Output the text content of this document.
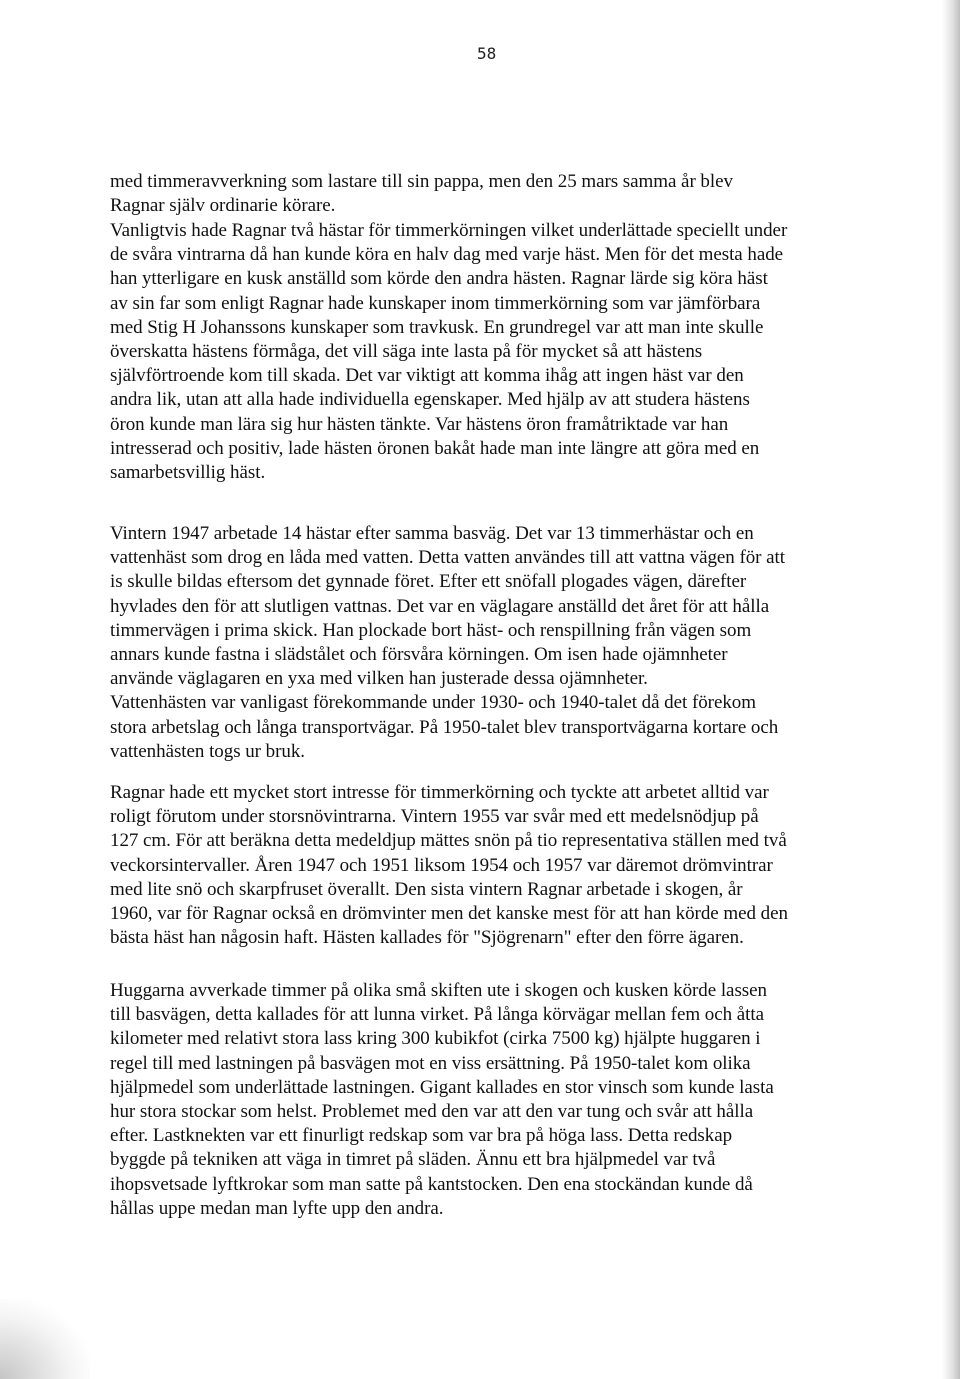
58

med timmeravverkning som lastare till sin pappa, men den 25 mars samma år blev
Ragnar själv ordinarie körare.

Vanligtvis hade Ragnar två hästar för timmerkörningen vilket underlättade speciellt under
de svåra vintrarna då han kunde köra en halv dag med varje häst. Men för det mesta hade
han ytterligare en kusk anställd som körde den andra hästen. Ragnar lärde sig köra häst
av sin far som enligt Ragnar hade kunskaper inom timmerkörning som var jämförbara
med Stig H Johanssons kunskaper som travkusk. En grundregel var att man inte skulle
överskatta hästens förmåga, det vill säga inte lasta på för mycket så att hästens
självförtroende kom till skada. Det var viktigt att komma ihåg att ingen häst var den
andra lik, utan att alla hade individuella egenskaper. Med hjälp av att studera hästens
öron kunde man lära sig hur hästen tänkte. Var hästens öron framåtriktade var han
intresserad och positiv, lade hästen öronen bakåt hade man inte längre att göra med en
samarbetsvillig häst.

Vintern 1947 arbetade 14 hästar efter samma basväg. Det var 13 timmerhästar och en
vattenhäst som drog en låda med vatten. Detta vatten användes till att vattna vägen för att
is skulle bildas eftersom det gynnade föret. Efter ett snöfall plogades vägen, därefter
hyvlades den för att slutligen vattnas. Det var en väglagare anställd det året för att hålla
timmervägen i prima skick. Han plockade bort häst- och renspillning från vägen som
annars kunde fastna i slädstålet och försvåra körningen. Om isen hade ojämnheter
använde väglagaren en yxa med vilken han justerade dessa ojämnheter.
Vattenhästen var vanligast förekommande under 1930- och 1940-talet då det förekom
stora arbetslag och långa transportvägar. På 1950-talet blev transportvägarna kortare och
vattenhästen togs ur bruk.

Ragnar hade ett mycket stort intresse för timmerkörning och tyckte att arbetet alltid var
roligt förutom under storsnövintrarna. Vintern 1955 var svår med ett medelsnödjup på
127 cm. För att beräkna detta medeldjup mättes snön på tio representativa ställen med två
veckorsintervaller. Åren 1947 och 1951 liksom 1954 och 1957 var däremot drömvintrar
med lite snö och skarpfruset överallt. Den sista vintern Ragnar arbetade i skogen, år
1960, var för Ragnar också en drömvinter men det kanske mest för att han körde med den
bästa häst han någosin haft. Hästen kallades för "Sjögrenarn" efter den förre ägaren.

Huggarna avverkade timmer på olika små skiften ute i skogen och kusken körde lassen
till basvägen, detta kallades för att lunna virket. På långa körvägar mellan fem och åtta
kilometer med relativt stora lass kring 300 kubikfot (cirka 7500 kg) hjälpte huggaren i
regel till med lastningen på basvägen mot en viss ersättning. På 1950-talet kom olika
hjälpmedel som underlättade lastningen. Gigant kallades en stor vinsch som kunde lasta
hur stora stockar som helst. Problemet med den var att den var tung och svår att hålla
efter. Lastknekten var ett finurligt redskap som var bra på höga lass. Detta redskap
byggde på tekniken att väga in timret på släden. Ännu ett bra hjälpmedel var två
ihopsvetsade lyftkrokar som man satte på kantstocken. Den ena stockändan kunde då
hållas uppe medan man lyfte upp den andra.
